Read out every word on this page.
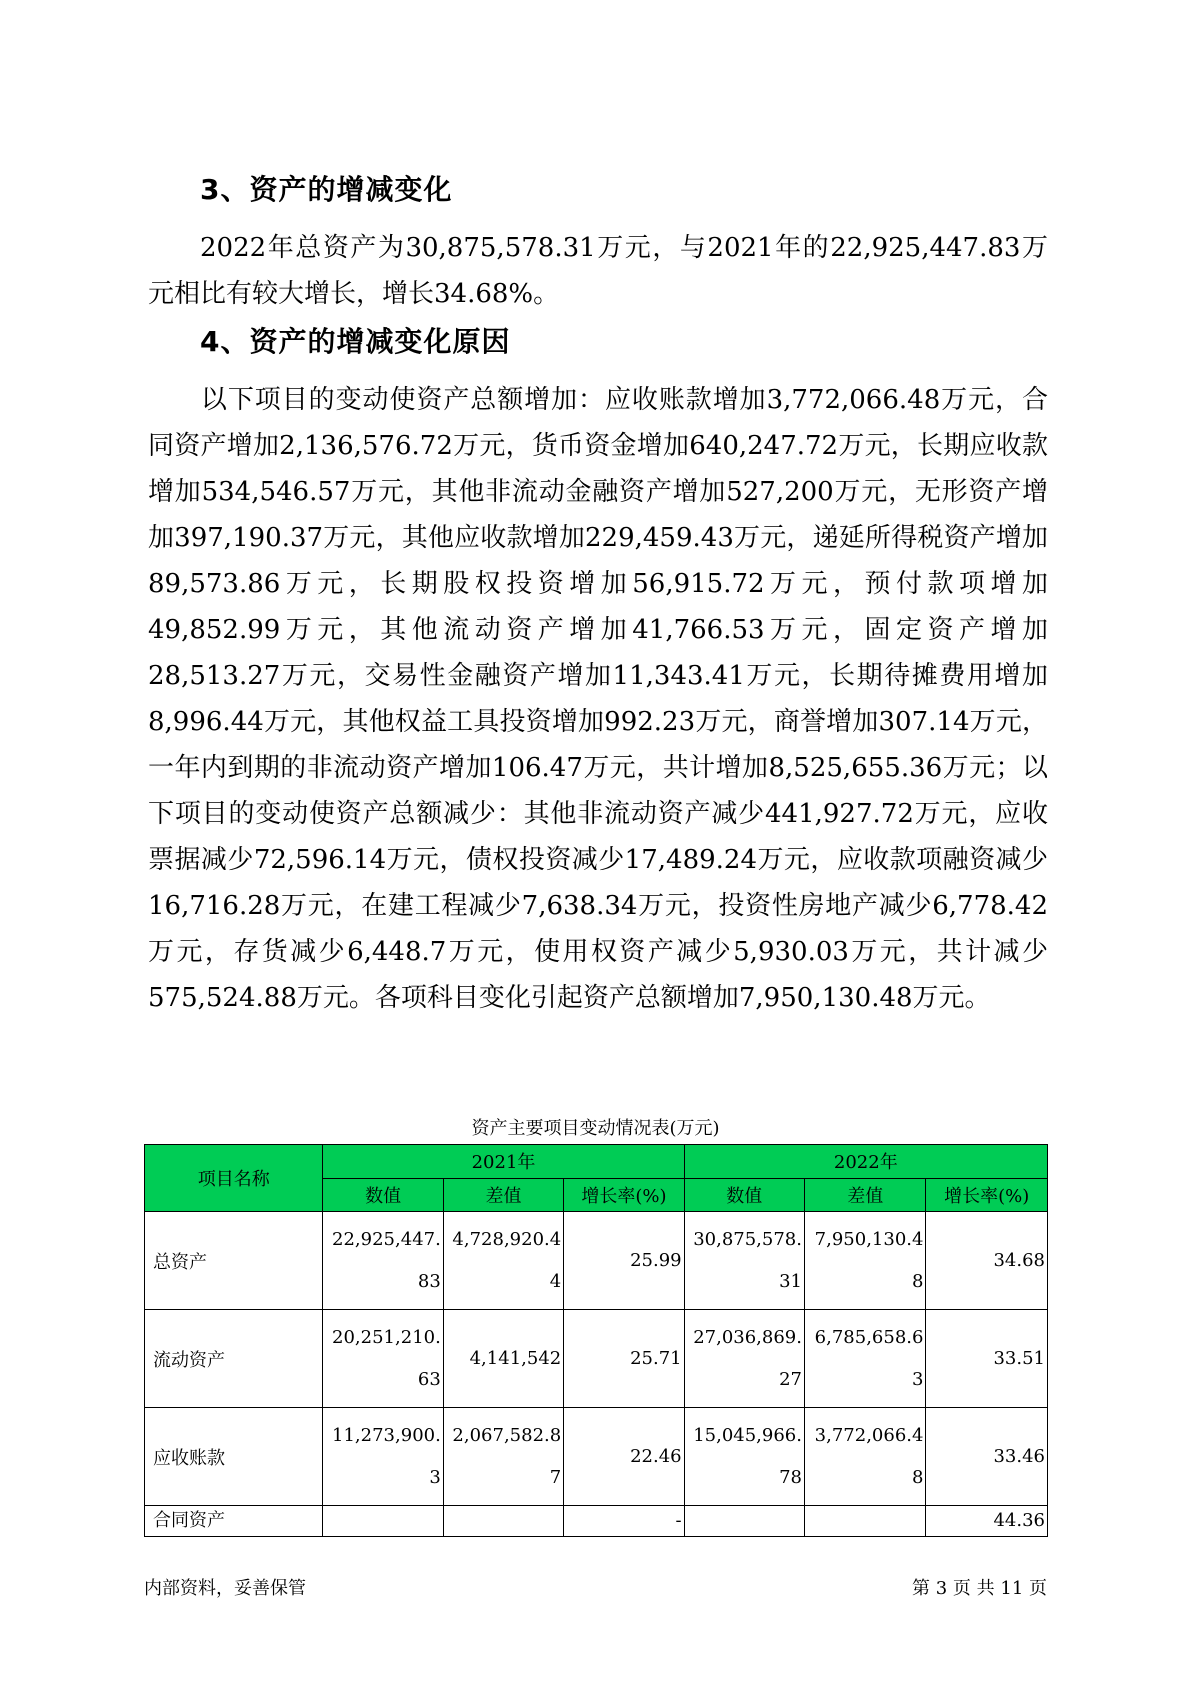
3、资产的增减变化
2022年总资产为30,875,578.31万元，与2021年的22,925,447.83万元相比有较大增长，增长34.68%。
4、资产的增减变化原因
以下项目的变动使资产总额增加：应收账款增加3,772,066.48万元，合同资产增加2,136,576.72万元，货币资金增加640,247.72万元，长期应收款增加534,546.57万元，其他非流动金融资产增加527,200万元，无形资产增加397,190.37万元，其他应收款增加229,459.43万元，递延所得税资产增加89,573.86万元，长期股权投资增加56,915.72万元，预付款项增加49,852.99万元，其他流动资产增加41,766.53万元，固定资产增加28,513.27万元，交易性金融资产增加11,343.41万元，长期待摊费用增加8,996.44万元，其他权益工具投资增加992.23万元，商誉增加307.14万元，一年内到期的非流动资产增加106.47万元，共计增加8,525,655.36万元；以下项目的变动使资产总额减少：其他非流动资产减少441,927.72万元，应收票据减少72,596.14万元，债权投资减少17,489.24万元，应收款项融资减少16,716.28万元，在建工程减少7,638.34万元，投资性房地产减少6,778.42万元，存货减少6,448.7万元，使用权资产减少5,930.03万元，共计减少575,524.88万元。各项科目变化引起资产总额增加7,950,130.48万元。
资产主要项目变动情况表(万元)
项目名称	2021年			2022年		
	数值	差值	增长率(%)	数值	差值	增长率(%)
总资产	22,925,447.83	4,728,920.44	25.99	30,875,578.31	7,950,130.48	34.68
流动资产	20,251,210.63	4,141,542	25.71	27,036,869.27	6,785,658.63	33.51
应收账款	11,273,900.3	2,067,582.87	22.46	15,045,966.78	3,772,066.48	33.46
合同资产			-			44.36
内部资料，妥善保管	第 3 页 共 11 页
